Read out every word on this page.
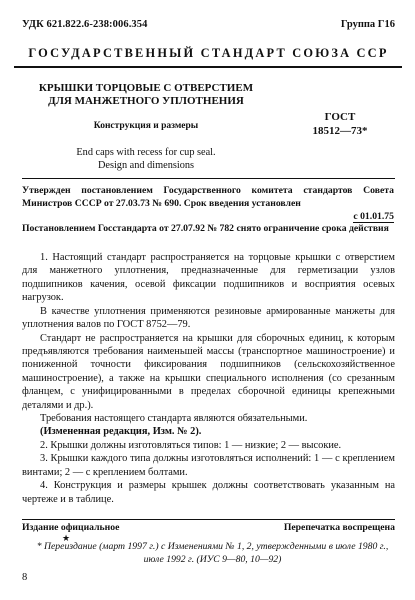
УДК 621.822.6-238:006.354	Группа Г16
ГОСУДАРСТВЕННЫЙ СТАНДАРТ СОЮЗА ССР
КРЫШКИ ТОРЦОВЫЕ С ОТВЕРСТИЕМ
ДЛЯ МАНЖЕТНОГО УПЛОТНЕНИЯ
Конструкция и размеры
ГОСТ
18512—73*
End caps with recess for cup seal.
Design and dimensions
Утвержден постановлением Государственного комитета стандартов Совета Министров СССР от 27.03.73 № 690. Срок введения установлен
с 01.01.75
Постановлением Госстандарта от 27.07.92 № 782 снято ограничение срока действия

1. Настоящий стандарт распространяется на торцовые крышки с отверстием для манжетного уплотнения, предназначенные для герметизации узлов подшипников качения, осевой фиксации подшипников и восприятия осевых нагрузок.

В качестве уплотнения применяются резиновые армированные манжеты для уплотнения валов по ГОСТ 8752—79.

Стандарт не распространяется на крышки для сборочных единиц, к которым предъявляются требования наименьшей массы (транспортное машиностроение) и пониженной точности фиксирования подшипников (сельскохозяйственное машиностроение), а также на крышки специального исполнения (со срезанным фланцем, с унифицированными в пределах сборочной единицы крепежными деталями и др.).

Требования настоящего стандарта являются обязательными.

(Измененная редакция, Изм. № 2).

2. Крышки должны изготовляться типов: 1 — низкие; 2 — высокие.

3. Крышки каждого типа должны изготовляться исполнений: 1 — с креплением винтами; 2 — с креплением болтами.

4. Конструкция и размеры крышек должны соответствовать указанным на чертеже и в таблице.

Издание официальное	Перепечатка воспрещена
★
* Переиздание (март 1997 г.) с Изменениями № 1, 2, утвержденными в июле 1980 г., июле 1992 г. (ИУС 9—80, 10—92)
8
